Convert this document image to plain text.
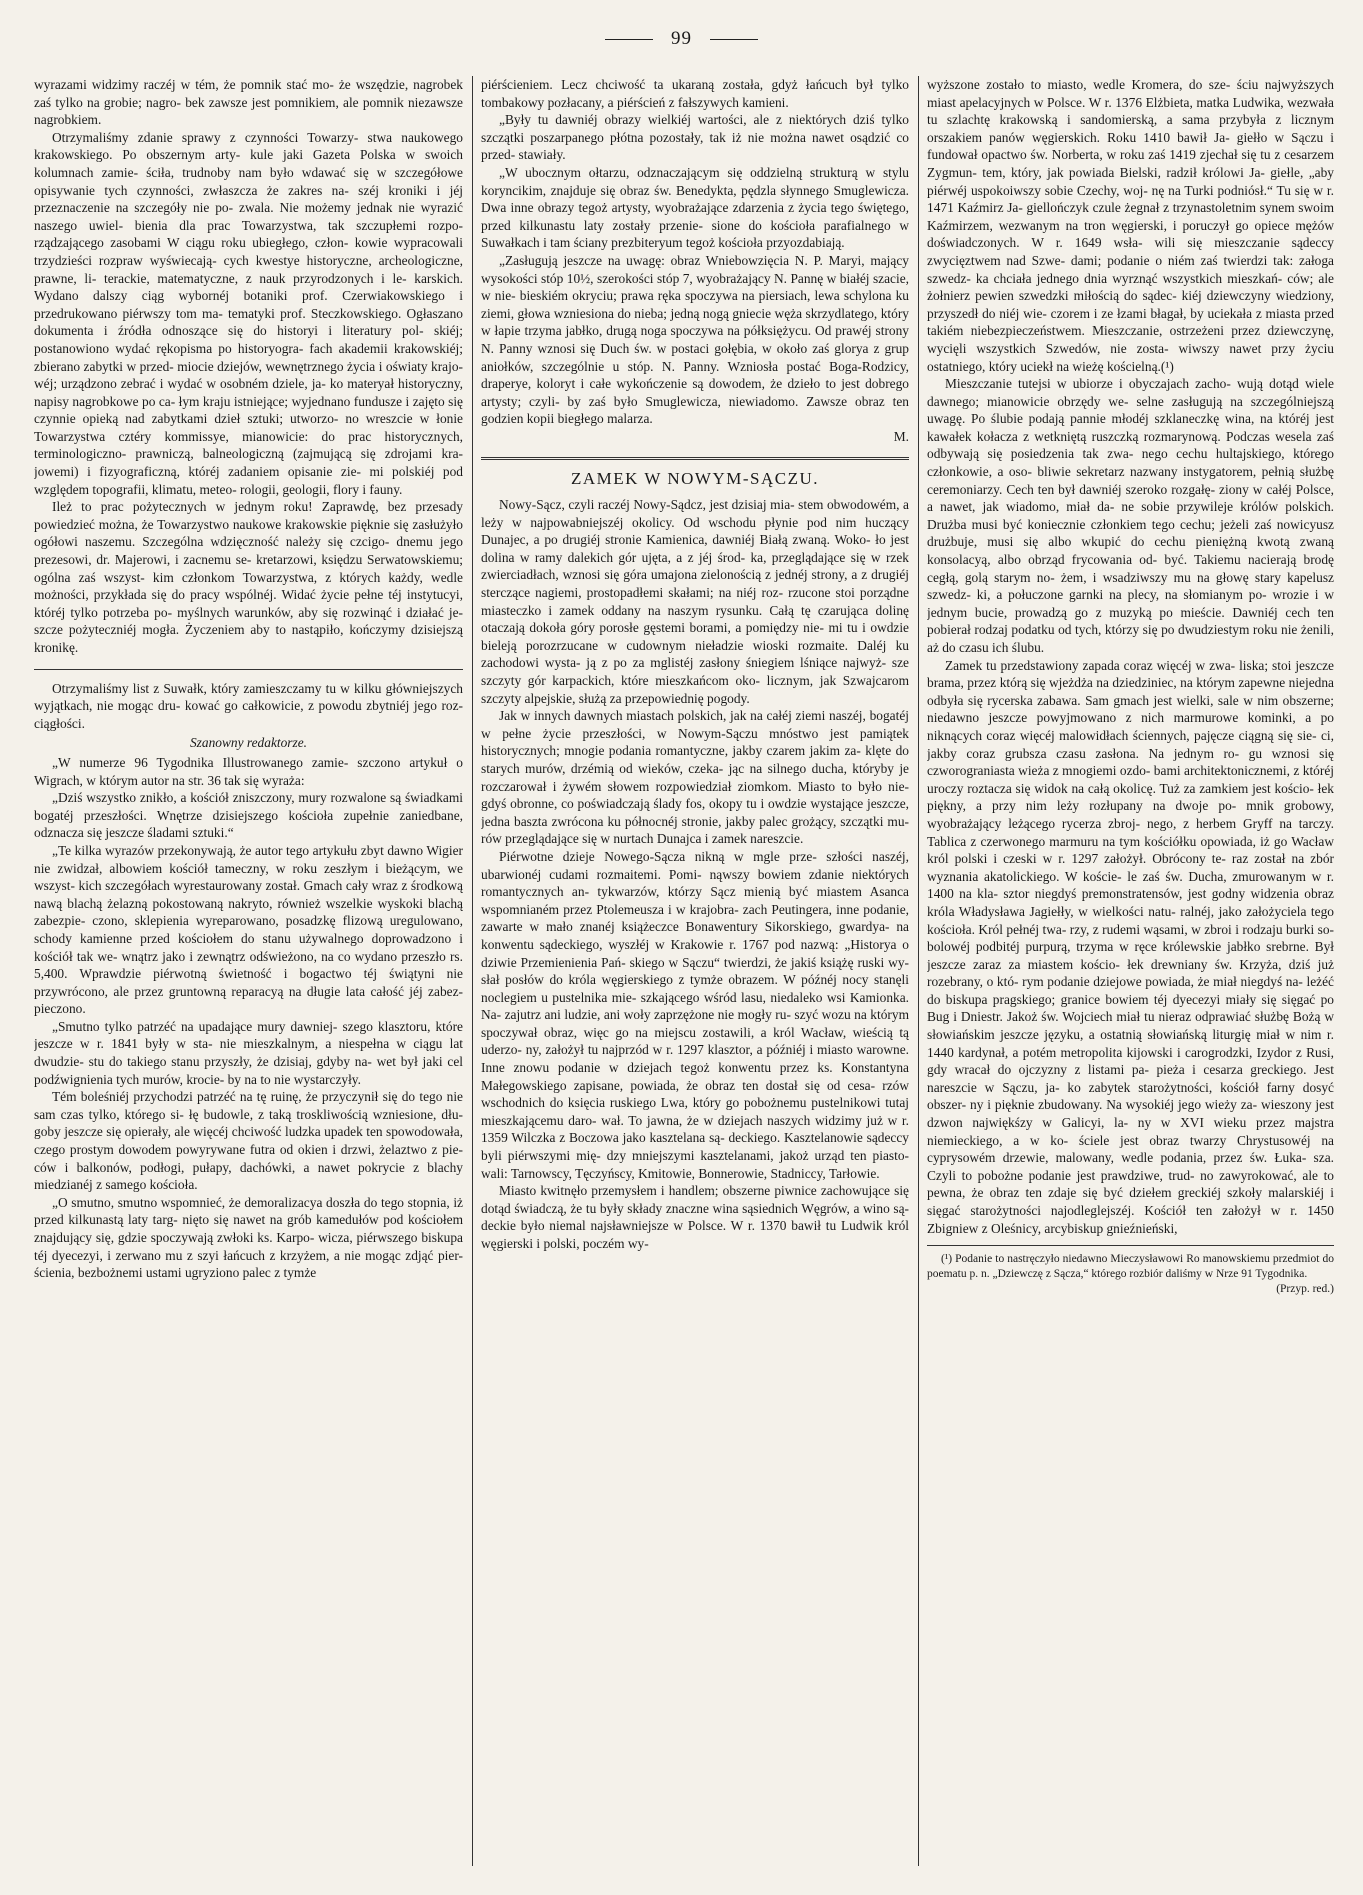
99

wyrazami widzimy raczéj w tém, że pomnik stać mo- że wszędzie, nagrobek zaś tylko na grobie; nagro- bek zawsze jest pomnikiem, ale pomnik niezawsze nagrobkiem.

Otrzymaliśmy zdanie sprawy z czynności Towarzy- stwa naukowego krakowskiego. Po obszernym arty- kule jaki Gazeta Polska w swoich kolumnach zamie- ściła, trudnoby nam było wdawać się w szczegółowe opisywanie tych czynności, zwłaszcza że zakres na- széj kroniki i jéj przeznaczenie na szczegóły nie po- zwala. Nie możemy jednak nie wyrazić naszego uwiel- bienia dla prac Towarzystwa, tak szczupłemi rozpo- rządzającego zasobami W ciągu roku ubiegłego, człon- kowie wypracowali trzydzieści rozpraw wyświecają- cych kwestye historyczne, archeologiczne, prawne, li- terackie, matematyczne, z nauk przyrodzonych i le- karskich. Wydano dalszy ciąg wybornéj botaniki prof. Czerwiakowskiego i przedrukowano piérwszy tom ma- tematyki prof. Steczkowskiego. Ogłaszano dokumenta i źródła odnoszące się do historyi i literatury pol- skiéj; postanowiono wydać rękopisma po historyogra- fach akademii krakowskiéj; zbierano zabytki w przed- miocie dziejów, wewnętrznego życia i oświaty krajo- wéj; urządzono zebrać i wydać w osobném dziele, ja- ko materyał historyczny, napisy nagrobkowe po ca- łym kraju istniejące; wyjednano fundusze i zajęto się czynnie opieką nad zabytkami dzieł sztuki; utworzo- no wreszcie w łonie Towarzystwa cztéry kommissye, mianowicie: do prac historycznych, terminologiczno- prawniczą, balneologiczną (zajmującą się zdrojami kra- jowemi) i fizyograficzną, któréj zadaniem opisanie zie- mi polskiéj pod względem topografii, klimatu, meteo- rologii, geologii, flory i fauny.

Ileż to prac pożytecznych w jednym roku! Zaprawdę, bez przesady powiedzieć można, że Towarzystwo naukowe krakowskie pięknie się zasłużyło ogółowi naszemu. Szczególna wdzięczność należy się czcigo- dnemu jego prezesowi, dr. Majerowi, i zacnemu se- kretarzowi, księdzu Serwatowskiemu; ogólna zaś wszyst- kim członkom Towarzystwa, z których każdy, wedle możności, przykłada się do pracy wspólnéj. Widać życie pełne téj instytucyi, któréj tylko potrzeba po- myślnych warunków, aby się rozwinąć i działać je- szcze pożyteczniéj mogła. Życzeniem aby to nastąpiło, kończymy dzisiejszą kronikę.

Otrzymaliśmy list z Suwałk, który zamieszczamy tu w kilku główniejszych wyjątkach, nie mogąc dru- kować go całkowicie, z powodu zbytniéj jego roz- ciągłości.

Szanowny redaktorze.

„W numerze 96 Tygodnika Illustrowanego zamie- szczono artykuł o Wigrach, w którym autor na str. 36 tak się wyraża:

„Dziś wszystko znikło, a kościół zniszczony, mury rozwalone są świadkami bogatéj przeszłości. Wnętrze dzisiejszego kościoła zupełnie zaniedbane, odznacza się jeszcze śladami sztuki.“

„Te kilka wyrazów przekonywają, że autor tego artykułu zbyt dawno Wigier nie zwidzał, albowiem kościół tameczny, w roku zeszłym i bieżącym, we wszyst- kich szczegółach wyrestaurowany został. Gmach cały wraz z środkową nawą blachą żelazną pokostowaną nakryto, również wszelkie wyskoki blachą zabezpie- czono, sklepienia wyreparowano, posadzkę flizową uregulowano, schody kamienne przed kościołem do stanu używalnego doprowadzono i kościół tak we- wnątrz jako i zewnątrz odświeżono, na co wydano przeszło rs. 5,400. Wprawdzie piérwotną świetność i bogactwo téj świątyni nie przywrócono, ale przez gruntowną reparacyą na długie lata całość jéj zabez- pieczono.

„Smutno tylko patrzéć na upadające mury dawniej- szego klasztoru, które jeszcze w r. 1841 były w sta- nie mieszkalnym, a niespełna w ciągu lat dwudzie- stu do takiego stanu przyszły, że dzisiaj, gdyby na- wet był jaki cel podźwignienia tych murów, krocie- by na to nie wystarczyły.

Tém boleśniéj przychodzi patrzéć na tę ruinę, że przyczynił się do tego nie sam czas tylko, którego si- łę budowle, z taką troskliwością wzniesione, dłu- goby jeszcze się opierały, ale więcéj chciwość ludzka upadek ten spowodowała, czego prostym dowodem powyrywane futra od okien i drzwi, żelaztwo z pie- ców i balkonów, podłogi, pułapy, dachówki, a nawet pokrycie z blachy miedzianéj z samego kościoła.

„O smutno, smutno wspomnieć, że demoralizacya doszła do tego stopnia, iż przed kilkunastą laty targ- nięto się nawet na grób kamedułów pod kościołem znajdujący się, gdzie spoczywają zwłoki ks. Karpo- wicza, piérwszego biskupa téj dyecezyi, i zerwano mu z szyi łańcuch z krzyżem, a nie mogąc zdjąć pier- ścienia, bezbożnemi ustami ugryziono palec z tymże

piérścieniem. Lecz chciwość ta ukaraną została, gdyż łańcuch był tylko tombakowy pozłacany, a piérścień z fałszywych kamieni.

„Były tu dawniéj obrazy wielkiéj wartości, ale z niektórych dziś tylko szczątki poszarpanego płótna pozostały, tak iż nie można nawet osądzić co przed- stawiały.

„W ubocznym ołtarzu, odznaczającym się oddzielną strukturą w stylu koryncikim, znajduje się obraz św. Benedykta, pędzla słynnego Smuglewicza. Dwa inne obrazy tegoż artysty, wyobrażające zdarzenia z życia tego świętego, przed kilkunastu laty zostały przenie- sione do kościoła parafialnego w Suwałkach i tam ściany prezbiteryum tegoż kościoła przyozdabiają.

„Zasługują jeszcze na uwagę: obraz Wniebowzięcia N. P. Maryi, mający wysokości stóp 10½, szerokości stóp 7, wyobrażający N. Pannę w białéj szacie, w nie- bieskiém okryciu; prawa ręka spoczywa na piersiach, lewa schylona ku ziemi, głowa wzniesiona do nieba; jedną nogą gniecie węża skrzydlatego, który w łapie trzyma jabłko, drugą noga spoczywa na półksiężycu. Od prawéj strony N. Panny wznosi się Duch św. w postaci gołębia, w około zaś glorya z grup aniołków, szczególnie u stóp. N. Panny. Wzniosła postać Boga-Rodzicy, draperye, koloryt i całe wykończenie są dowodem, że dzieło to jest dobrego artysty; czyli- by zaś było Smuglewicza, niewiadomo. Zawsze obraz ten godzien kopii biegłego malarza.

M.

ZAMEK W NOWYM-SĄCZU.

Nowy-Sącz, czyli raczéj Nowy-Sądcz, jest dzisiaj mia- stem obwodowém, a leży w najpowabniejszéj okolicy. Od wschodu płynie pod nim huczący Dunajec, a po drugiéj stronie Kamienica, dawniéj Białą zwaną. Woko- ło jest dolina w ramy dalekich gór ujęta, a z jéj środ- ka, przeglądające się w rzek zwierciadłach, wznosi się góra umajona zielonością z jednéj strony, a z drugiéj sterczące nagiemi, prostopadłemi skałami; na niéj roz- rzucone stoi porządne miasteczko i zamek oddany na naszym rysunku. Całą tę czarująca dolinę otaczają dokoła góry porosłe gęstemi borami, a pomiędzy nie- mi tu i owdzie bieleją porozrzucane w cudownym nieładzie wioski rozmaite. Daléj ku zachodowi wysta- ją z po za mglistéj zasłony śniegiem lśniące najwyż- sze szczyty gór karpackich, które mieszkańcom oko- licznym, jak Szwajcarom szczyty alpejskie, służą za przepowiednię pogody.

Jak w innych dawnych miastach polskich, jak na całéj ziemi naszéj, bogatéj w pełne życie przeszłości, w Nowym-Sączu mnóstwo jest pamiątek historycznych; mnogie podania romantyczne, jakby czarem jakim za- klęte do starych murów, drzémią od wieków, czeka- jąc na silnego ducha, któryby je rozczarował i żywém słowem rozpowiedział ziomkom. Miasto to było nie- gdyś obronne, co poświadczają ślady fos, okopy tu i owdzie wystające jeszcze, jedna baszta zwrócona ku północnéj stronie, jakby palec grożący, szczątki mu- rów przeglądające się w nurtach Dunajca i zamek nareszcie.

Piérwotne dzieje Nowego-Sącza nikną w mgle prze- szłości naszéj, ubarwionéj cudami rozmaitemi. Pomi- nąwszy bowiem zdanie niektórych romantycznych an- tykwarzów, którzy Sącz mienią być miastem Asanca wspomnianém przez Ptolemeusza i w krajobra- zach Peutingera, inne podanie, zawarte w mało znanéj książeczce Bonawentury Sikorskiego, gwardya- na konwentu sądeckiego, wyszłéj w Krakowie r. 1767 pod nazwą: „Historya o dziwie Przemienienia Pań- skiego w Sączu“ twierdzi, że jakiś książę ruski wy- słał posłów do króla węgierskiego z tymże obrazem. W późnéj nocy stanęli noclegiem u pustelnika mie- szkającego wśród lasu, niedaleko wsi Kamionka. Na- zajutrz ani ludzie, ani woły zaprzężone nie mogły ru- szyć wozu na którym spoczywał obraz, więc go na miejscu zostawili, a król Wacław, wieścią tą uderzo- ny, założył tu najprzód w r. 1297 klasztor, a późniéj i miasto warowne. Inne znowu podanie w dziejach tegoż konwentu przez ks. Konstantyna Małegowskiego zapisane, powiada, że obraz ten dostał się od cesa- rzów wschodnich do księcia ruskiego Lwa, który go pobożnemu pustelnikowi tutaj mieszkającemu daro- wał. To jawna, że w dziejach naszych widzimy już w r. 1359 Wilczka z Boczowa jako kasztelana są- deckiego. Kasztelanowie sądeccy byli piérwszymi mię- dzy mniejszymi kasztelanami, jakoż urząd ten piasto- wali: Tarnowscy, Tęczyńscy, Kmitowie, Bonnerowie, Stadniccy, Tarłowie.

Miasto kwitnęło przemysłem i handlem; obszerne piwnice zachowujące się dotąd świadczą, że tu były składy znaczne wina sąsiednich Węgrów, a wino są- deckie było niemal najsławniejsze w Polsce. W r. 1370 bawił tu Ludwik król węgierski i polski, poczém wy-

wyższone zostało to miasto, wedle Kromera, do sze- ściu najwyższych miast apelacyjnych w Polsce. W r. 1376 Elżbieta, matka Ludwika, wezwała tu szlachtę krakowską i sandomierską, a sama przybyła z licznym orszakiem panów węgierskich. Roku 1410 bawił Ja- giełło w Sączu i fundował opactwo św. Norberta, w roku zaś 1419 zjechał się tu z cesarzem Zygmun- tem, który, jak powiada Bielski, radził królowi Ja- giełle, „aby piérwéj uspokoiwszy sobie Czechy, woj- nę na Turki podniósł.“ Tu się w r. 1471 Kaźmirz Ja- giellończyk czule żegnał z trzynastoletnim synem swoim Kaźmirzem, wezwanym na tron węgierski, i poruczył go opiece mężów doświadczonych. W r. 1649 wsła- wili się mieszczanie sądeccy zwycięztwem nad Szwe- dami; podanie o niém zaś twierdzi tak: załoga szwedz- ka chciała jednego dnia wyrznąć wszystkich mieszkań- ców; ale żołnierz pewien szwedzki miłością do sądec- kiéj dziewczyny wiedziony, przyszedł do niéj wie- czorem i ze łzami błagał, by uciekała z miasta przed takiém niebezpieczeństwem. Mieszczanie, ostrzeżeni przez dziewczynę, wycięli wszystkich Szwedów, nie zosta- wiwszy nawet przy życiu ostatniego, który uciekł na wieżę kościelną.(¹)

Mieszczanie tutejsi w ubiorze i obyczajach zacho- wują dotąd wiele dawnego; mianowicie obrzędy we- selne zasługują na szczególniejszą uwagę. Po ślubie podają pannie młodéj szklaneczkę wina, na któréj jest kawałek kołacza z wetkniętą ruszczką rozmarynową. Podczas wesela zaś odbywają się posiedzenia tak zwa- nego cechu hultajskiego, którego członkowie, a oso- bliwie sekretarz nazwany instygatorem, pełnią służbę ceremoniarzy. Cech ten był dawniéj szeroko rozgałę- ziony w całéj Polsce, a nawet, jak wiadomo, miał da- ne sobie przywileje królów polskich. Drużba musi być koniecznie członkiem tego cechu; jeżeli zaś nowicyusz drużbuje, musi się albo wkupić do cechu pieniężną kwotą zwaną konsolacyą, albo obrząd frycowania od- być. Takiemu nacierają brodę cegłą, golą starym no- żem, i wsadziwszy mu na głowę stary kapelusz szwedz- ki, a połuczone garnki na plecy, na słomianym po- wrozie i w jednym bucie, prowadzą go z muzyką po mieście. Dawniéj cech ten pobierał rodzaj podatku od tych, którzy się po dwudziestym roku nie żenili, aż do czasu ich ślubu.

Zamek tu przedstawiony zapada coraz więcéj w zwa- liska; stoi jeszcze brama, przez którą się wjeżdża na dziedziniec, na którym zapewne niejedna odbyła się rycerska zabawa. Sam gmach jest wielki, sale w nim obszerne; niedawno jeszcze powyjmowano z nich marmurowe kominki, a po niknących coraz więcéj malowidłach ściennych, pajęcze ciągną się sie- ci, jakby coraz grubsza czasu zasłona. Na jednym ro- gu wznosi się czworograniasta wieża z mnogiemi ozdo- bami architektonicznemi, z któréj uroczy roztacza się widok na całą okolicę. Tuż za zamkiem jest kościo- łek piękny, a przy nim leży rozłupany na dwoje po- mnik grobowy, wyobrażający leżącego rycerza zbroj- nego, z herbem Gryff na tarczy. Tablica z czerwonego marmuru na tym kościółku opowiada, iż go Wacław król polski i czeski w r. 1297 założył. Obrócony te- raz został na zbór wyznania akatolickiego. W koście- le zaś św. Ducha, zmurowanym w r. 1400 na kla- sztor niegdyś premonstratensów, jest godny widzenia obraz króla Władysława Jagiełły, w wielkości natu- ralnéj, jako założyciela tego kościoła. Król pełnéj twa- rzy, z rudemi wąsami, w zbroi i rodzaju burki so- bolowéj podbitéj purpurą, trzyma w ręce królewskie jabłko srebrne. Był jeszcze zaraz za miastem kościo- łek drewniany św. Krzyża, dziś już rozebrany, o któ- rym podanie dziejowe powiada, że miał niegdyś na- leżéć do biskupa pragskiego; granice bowiem téj dyecezyi miały się sięgać po Bug i Dniestr. Jakoż św. Wojciech miał tu nieraz odprawiać służbę Bożą w słowiańskim jeszcze języku, a ostatnią słowiańską liturgię miał w nim r. 1440 kardynał, a potém metropolita kijowski i carogrodzki, Izydor z Rusi, gdy wracał do ojczyzny z listami pa- pieża i cesarza greckiego. Jest nareszcie w Sączu, ja- ko zabytek starożytności, kościół farny dosyć obszer- ny i pięknie zbudowany. Na wysokiéj jego wieży za- wieszony jest dzwon najwiękśzy w Galicyi, la- ny w XVI wieku przez majstra niemieckiego, a w ko- ściele jest obraz twarzy Chrystusowéj na cyprysowém drzewie, malowany, wedle podania, przez św. Łuka- sza. Czyli to pobożne podanie jest prawdziwe, trud- no zawyrokować, ale to pewna, że obraz ten zdaje się być dziełem greckiéj szkoły malarskiéj i sięgać starożytności najodleglejszéj. Kościół ten założył w r. 1450 Zbigniew z Oleśnicy, arcybiskup gnieźnieński,

(¹) Podanie to nastręczyło niedawno Mieczysławowi Ro manowskiemu przedmiot do poematu p. n. „Dziewczę z Sącza,“ którego rozbiór daliśmy w Nrze 91 Tygodnika.

(Przyp. red.)
